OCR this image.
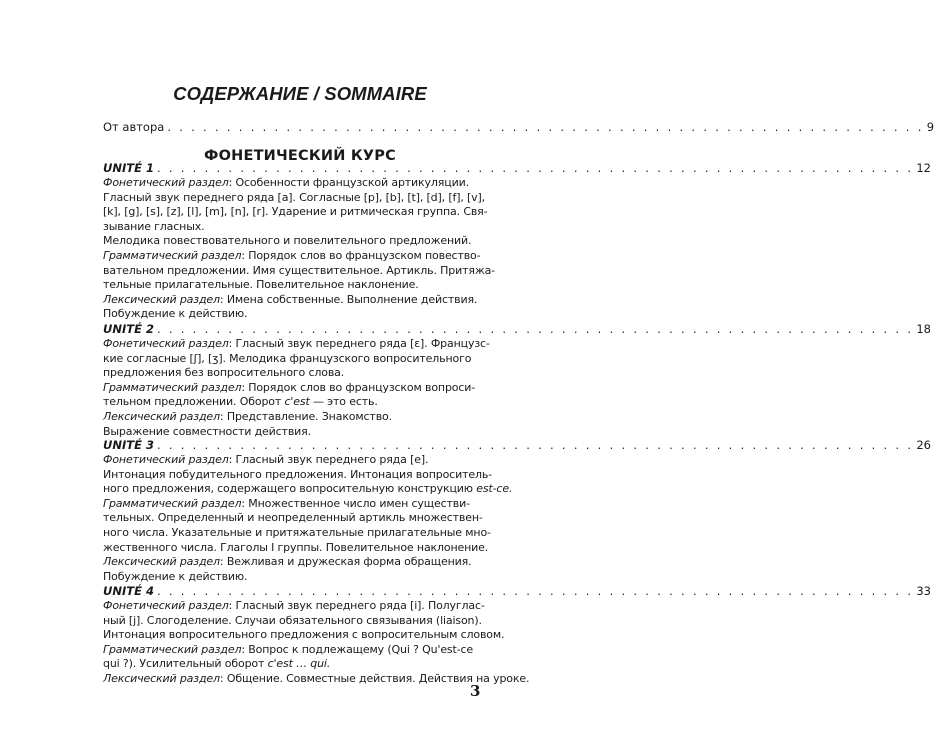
СОДЕРЖАНИЕ / SOMMAIRE
От автора . . . . . . . . . . . . . . . . . . . . . . . . . . . . . . . . . . . . . . . . . . . . . . . . . . . . . . . . . . . . . . . . 9
ФОНЕТИЧЕСКИЙ КУРС
UNITÉ 1 . . . . . . . . . . . . . . . . . . . . . . . . . . . . . . . . . . . . . . . . . . . . . . . . . . . . . . . . . . . . . . . . 12
Фонетический раздел: Особенности французской артикуляции.
Гласный звук переднего ряда [a]. Согласные [p], [b], [t], [d], [f], [v],
[k], [g], [s], [z], [l], [m], [n], [r]. Ударение и ритмическая группа. Свя-
зывание гласных.
Мелодика повествовательного и повелительного предложений.
Грамматический раздел: Порядок слов во французском повество-
вательном предложении. Имя существительное. Артикль. Притяжа-
тельные прилагательные. Повелительное наклонение.
Лексический раздел: Имена собственные. Выполнение действия.
Побуждение к действию.
UNITÉ 2 . . . . . . . . . . . . . . . . . . . . . . . . . . . . . . . . . . . . . . . . . . . . . . . . . . . . . . . . . . . . . . . . 18
Фонетический раздел: Гласный звук переднего ряда [ɛ]. Французс-
кие согласные [ʃ], [ʒ]. Мелодика французского вопросительного
предложения без вопросительного слова.
Грамматический раздел: Порядок слов во французском вопроси-
тельном предложении. Оборот c'est — это есть.
Лексический раздел: Представление. Знакомство.
Выражение совместности действия.
UNITÉ 3 . . . . . . . . . . . . . . . . . . . . . . . . . . . . . . . . . . . . . . . . . . . . . . . . . . . . . . . . . . . . . . . . 26
Фонетический раздел: Гласный звук переднего ряда [e].
Интонация побудительного предложения. Интонация вопроситель-
ного предложения, содержащего вопросительную конструкцию est-ce.
Грамматический раздел: Множественное число имен существи-
тельных. Определенный и неопределенный артикль множествен-
ного числа. Указательные и притяжательные прилагательные мно-
жественного числа. Глаголы I группы. Повелительное наклонение.
Лексический раздел: Вежливая и дружеская форма обращения.
Побуждение к действию.
UNITÉ 4 . . . . . . . . . . . . . . . . . . . . . . . . . . . . . . . . . . . . . . . . . . . . . . . . . . . . . . . . . . . . . . . . 33
Фонетический раздел: Гласный звук переднего ряда [i]. Полуглас-
ный [j]. Слогоделение. Случаи обязательного связывания (liaison).
Интонация вопросительного предложения с вопросительным словом.
Грамматический раздел: Вопрос к подлежащему (Qui ? Qu'est-ce
qui ?). Усилительный оборот c'est … qui.
Лексический раздел: Общение. Совместные действия. Действия на уроке.
3
